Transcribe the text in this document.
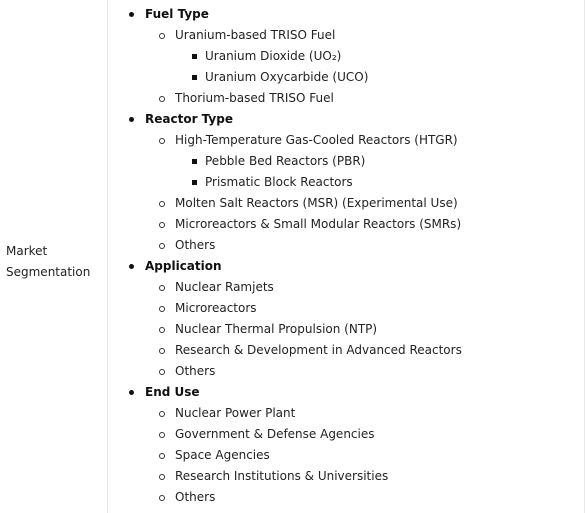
Market Segmentation
Fuel Type
Uranium-based TRISO Fuel
Uranium Dioxide (UO₂)
Uranium Oxycarbide (UCO)
Thorium-based TRISO Fuel
Reactor Type
High-Temperature Gas-Cooled Reactors (HTGR)
Pebble Bed Reactors (PBR)
Prismatic Block Reactors
Molten Salt Reactors (MSR) (Experimental Use)
Microreactors & Small Modular Reactors (SMRs)
Others
Application
Nuclear Ramjets
Microreactors
Nuclear Thermal Propulsion (NTP)
Research & Development in Advanced Reactors
Others
End Use
Nuclear Power Plant
Government & Defense Agencies
Space Agencies
Research Institutions & Universities
Others
